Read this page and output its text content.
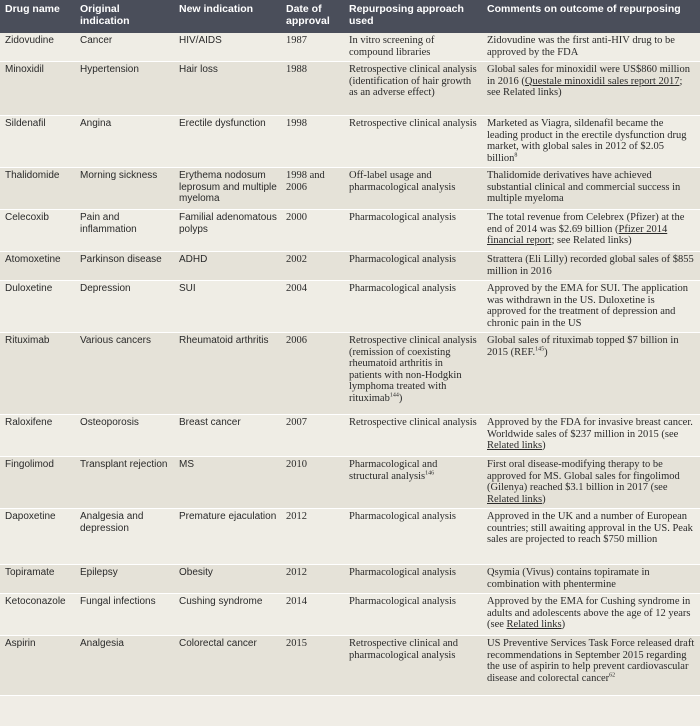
Drug name	Original indication	New indication	Date of approval	Repurposing approach used	Comments on outcome of repurposing
Zidovudine	Cancer	HIV/AIDS	1987	In vitro screening of compound libraries	Zidovudine was the first anti-HIV drug to be approved by the FDA
Minoxidil	Hypertension	Hair loss	1988	Retrospective clinical analysis (identification of hair growth as an adverse effect)	Global sales for minoxidil were US$860 million in 2016 (Questale minoxidil sales report 2017; see Related links)
Sildenafil	Angina	Erectile dysfunction	1998	Retrospective clinical analysis	Marketed as Viagra, sildenafil became the leading product in the erectile dysfunction drug market, with global sales in 2012 of $2.05 billion$^8$
Thalidomide	Morning sickness	Erythema nodosum leprosum and multiple myeloma	1998 and 2006	Off-label usage and pharmacological analysis	Thalidomide derivatives have achieved substantial clinical and commercial success in multiple myeloma
Celecoxib	Pain and inflammation	Familial adenomatous polyps	2000	Pharmacological analysis	The total revenue from Celebrex (Pfizer) at the end of 2014 was $2.69 billion (Pfizer 2014 financial report; see Related links)
Atomoxetine	Parkinson disease	ADHD	2002	Pharmacological analysis	Strattera (Eli Lilly) recorded global sales of $855 million in 2016
Duloxetine	Depression	SUI	2004	Pharmacological analysis	Approved by the EMA for SUI. The application was withdrawn in the US. Duloxetine is approved for the treatment of depression and chronic pain in the US
Rituximab	Various cancers	Rheumatoid arthritis	2006	Retrospective clinical analysis (remission of coexisting rheumatoid arthritis in patients with non-Hodgkin lymphoma treated with rituximab$^{144}$)	Global sales of rituximab topped $7 billion in 2015 (REF.$^{145}$)
Raloxifene	Osteoporosis	Breast cancer	2007	Retrospective clinical analysis	Approved by the FDA for invasive breast cancer. Worldwide sales of $237 million in 2015 (see Related links)
Fingolimod	Transplant rejection	MS	2010	Pharmacological and structural analysis$^{146}$	First oral disease-modifying therapy to be approved for MS. Global sales for fingolimod (Gilenya) reached $3.1 billion in 2017 (see Related links)
Dapoxetine	Analgesia and depression	Premature ejaculation	2012	Pharmacological analysis	Approved in the UK and a number of European countries; still awaiting approval in the US. Peak sales are projected to reach $750 million
Topiramate	Epilepsy	Obesity	2012	Pharmacological analysis	Qsymia (Vivus) contains topiramate in combination with phentermine
Ketoconazole	Fungal infections	Cushing syndrome	2014	Pharmacological analysis	Approved by the EMA for Cushing syndrome in adults and adolescents above the age of 12 years (see Related links)
Aspirin	Analgesia	Colorectal cancer	2015	Retrospective clinical and pharmacological analysis	US Preventive Services Task Force released draft recommendations in September 2015 regarding the use of aspirin to help prevent cardiovascular disease and colorectal cancer$^{62}$
